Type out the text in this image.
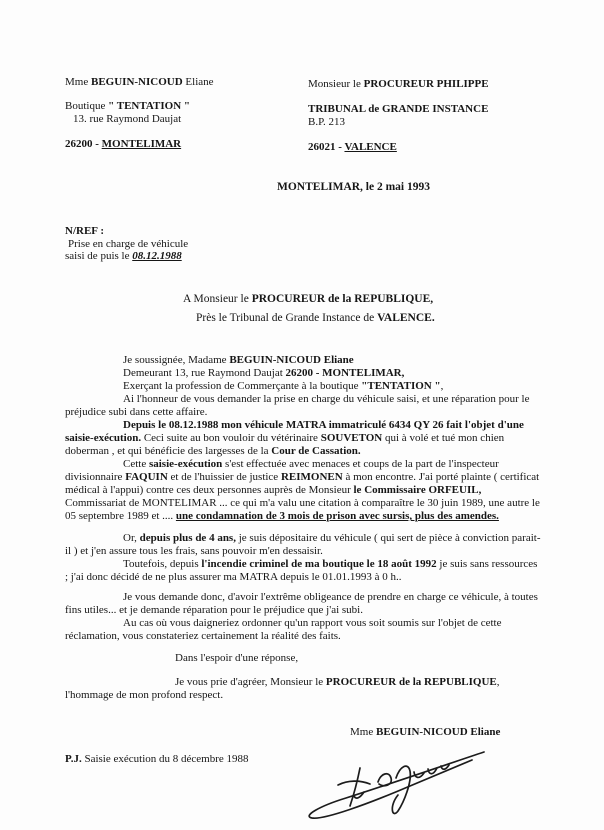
Mme BEGUIN-NICOUD Eliane
Boutique " TENTATION "
13. rue Raymond Daujat
26200 - MONTELIMAR
Monsieur le PROCUREUR PHILIPPE
TRIBUNAL de GRANDE INSTANCE
B.P. 213
26021 - VALENCE
MONTELIMAR, le 2 mai 1993
N/REF :
Prise en charge de véhicule
saisi de puis le 08.12.1988
A Monsieur le PROCUREUR de la REPUBLIQUE,
Près le Tribunal de Grande Instance de VALENCE.

Je soussignée, Madame BEGUIN-NICOUD Eliane

Demeurant 13, rue Raymond Daujat 26200 - MONTELIMAR,

Exerçant la profession de Commerçante à la boutique "TENTATION ",

Ai l'honneur de vous demander la prise en charge du véhicule saisi, et une réparation pour le préjudice subi dans cette affaire.

Depuis le 08.12.1988 mon véhicule MATRA immatriculé 6434 QY 26 fait l'objet d'une saisie-exécution. Ceci suite au bon vouloir du vétérinaire SOUVETON qui à volé et tué mon chien doberman , et qui bénéficie des largesses de la Cour de Cassation.

Cette saisie-exécution s'est effectuée avec menaces et coups de la part de l'inspecteur divisionnaire FAQUIN et de l'huissier de justice REIMONEN à mon encontre. J'ai porté plainte ( certificat médical à l'appui) contre ces deux personnes auprès de Monsieur le Commissaire ORFEUIL, Commissariat de MONTELIMAR ... ce qui m'a valu une citation à comparaître le 30 juin 1989, une autre le 05 septembre 1989 et .... une condamnation de 3 mois de prison avec sursis, plus des amendes.

Or, depuis plus de 4 ans, je suis dépositaire du véhicule ( qui sert de pièce à conviction parait-il ) et j'en assure tous les frais, sans pouvoir m'en dessaisir.

Toutefois, depuis l'incendie criminel de ma boutique le 18 août 1992 je suis sans ressources ; j'ai donc décidé de ne plus assurer ma MATRA depuis le 01.01.1993 à 0 h..

Je vous demande donc, d'avoir l'extrême obligeance de prendre en charge ce véhicule, à toutes fins utiles... et je demande réparation pour le préjudice que j'ai subi.

Au cas où vous daigneriez ordonner qu'un rapport vous soit soumis sur l'objet de cette réclamation, vous constateriez certainement la réalité des faits.

Dans l'espoir d'une réponse,

Je vous prie d'agréer, Monsieur le PROCUREUR de la REPUBLIQUE, l'hommage de mon profond respect.

Mme BEGUIN-NICOUD Eliane
P.J. Saisie exécution du 8 décembre 1988
